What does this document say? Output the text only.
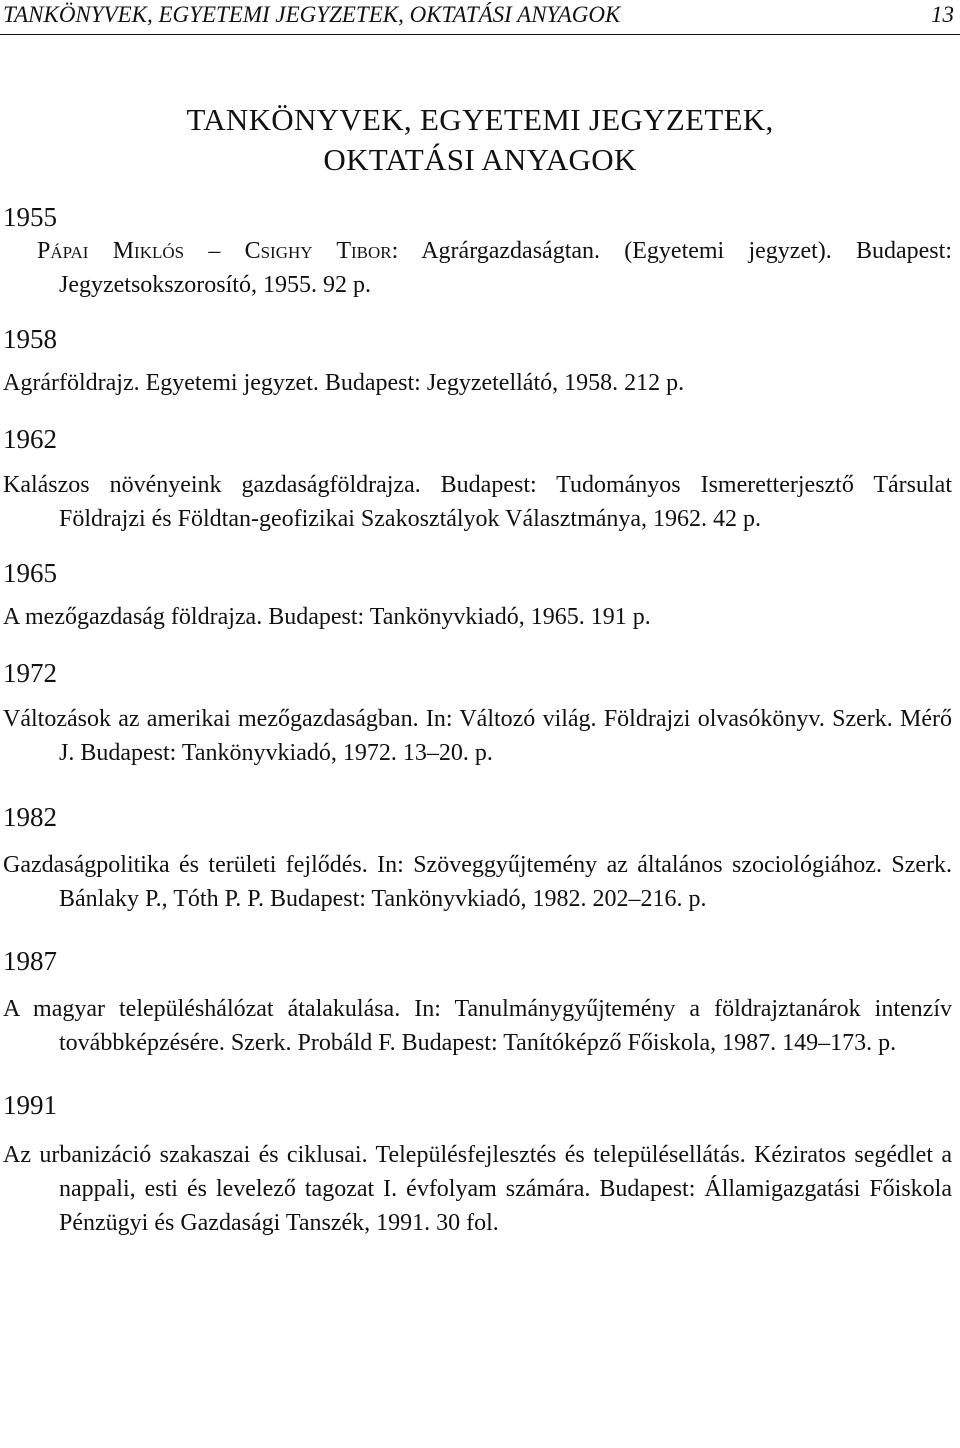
TANKÖNYVEK, EGYETEMI JEGYZETEK, OKTATÁSI ANYAGOK	13
TANKÖNYVEK, EGYETEMI JEGYZETEK,
OKTATÁSI ANYAGOK

1955

Pápai Miklós – Csighy Tibor: Agrárgazdaságtan. (Egyetemi jegyzet). Budapest: Jegyzetsokszorosító, 1955. 92 p.

1958

Agrárföldrajz. Egyetemi jegyzet. Budapest: Jegyzetellátó, 1958. 212 p.

1962

Kalászos növényeink gazdaságföldrajza. Budapest: Tudományos Ismeretterjesztő Társulat Földrajzi és Földtan-geofizikai Szakosztályok Választmánya, 1962. 42 p.

1965

A mezőgazdaság földrajza. Budapest: Tankönyvkiadó, 1965. 191 p.

1972

Változások az amerikai mezőgazdaságban. In: Változó világ. Földrajzi olvasókönyv. Szerk. Mérő J. Budapest: Tankönyvkiadó, 1972. 13–20. p.

1982

Gazdaságpolitika és területi fejlődés. In: Szöveggyűjtemény az általános szociológiához. Szerk. Bánlaky P., Tóth P. P. Budapest: Tankönyvkiadó, 1982. 202–216. p.

1987

A magyar településhálózat átalakulása. In: Tanulmánygyűjtemény a földrajztanárok intenzív továbbképzésére. Szerk. Probáld F. Budapest: Tanítóképző Főiskola, 1987. 149–173. p.

1991

Az urbanizáció szakaszai és ciklusai. Településfejlesztés és településellátás. Kéziratos segédlet a nappali, esti és levelező tagozat I. évfolyam számára. Budapest: Államigazgatási Főiskola Pénzügyi és Gazdasági Tanszék, 1991. 30 fol.
